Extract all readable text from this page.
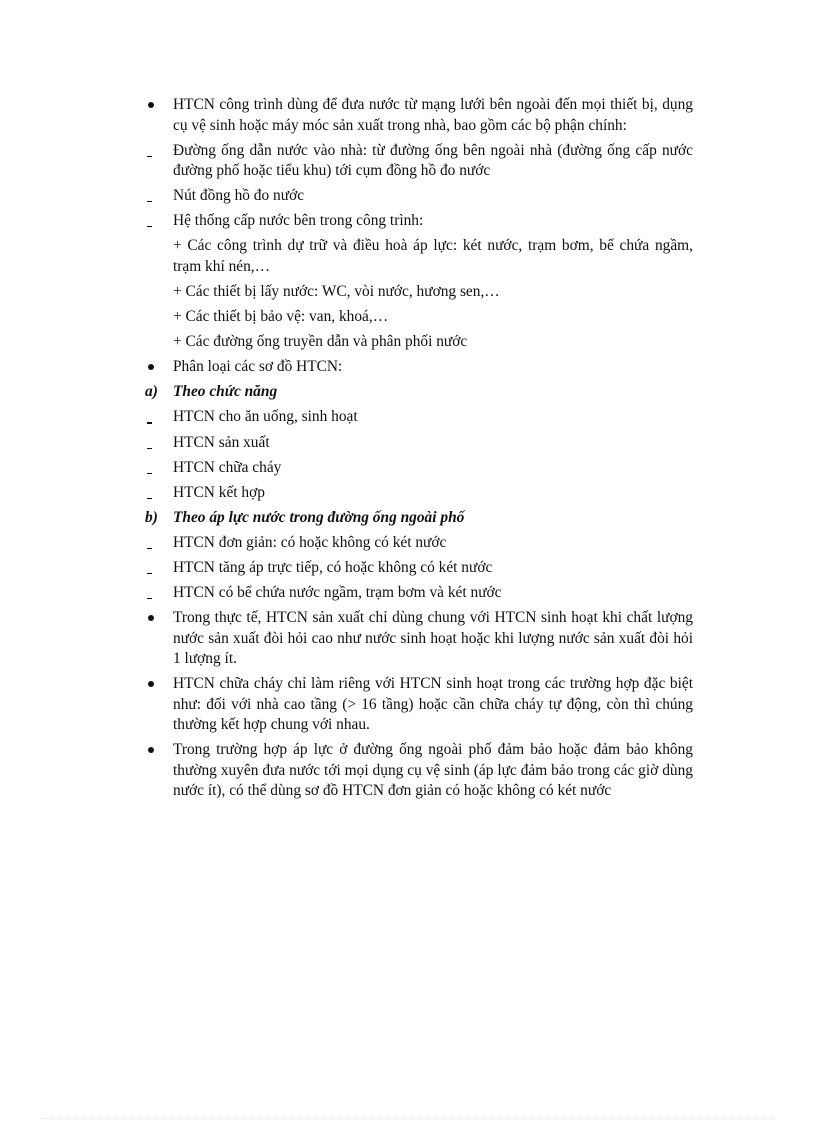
HTCN công trình dùng để đưa nước từ mạng lưới bên ngoài đến mọi thiết bị, dụng cụ vệ sinh hoặc máy móc sản xuất trong nhà, bao gồm các bộ phận chính:
Đường ống dẫn nước vào nhà: từ đường ống bên ngoài nhà (đường ống cấp nước đường phố hoặc tiểu khu) tới cụm đồng hồ đo nước
Nút đồng hồ đo nước
Hệ thống cấp nước bên trong công trình:
+ Các công trình dự trữ và điều hoà áp lực: két nước, trạm bơm, bể chứa ngầm, trạm khí nén,…
+ Các thiết bị lấy nước: WC, vòi nước, hương sen,…
+ Các thiết bị bảo vệ: van, khoá,…
+ Các đường ống truyền dẫn và phân phối nước
Phân loại các sơ đồ HTCN:
a) Theo chức năng
HTCN cho ăn uống, sinh hoạt
HTCN sản xuất
HTCN chữa cháy
HTCN kết hợp
b) Theo áp lực nước trong đường ống ngoài phố
HTCN đơn giản: có hoặc không có két nước
HTCN tăng áp trực tiếp, có hoặc không có két nước
HTCN có bể chứa nước ngầm, trạm bơm và két nước
Trong thực tế, HTCN sản xuất chỉ dùng chung với HTCN sinh hoạt khi chất lượng nước sản xuất đòi hỏi cao như nước sinh hoạt hoặc khi lượng nước sản xuất đòi hỏi 1 lượng ít.
HTCN chữa cháy chỉ làm riêng với HTCN sinh hoạt trong các trường hợp đặc biệt như: đối với nhà cao tầng (> 16 tầng) hoặc cần chữa cháy tự động, còn thì chúng thường kết hợp chung với nhau.
Trong trường hợp áp lực ở đường ống ngoài phố đảm bảo hoặc đảm bảo không thường xuyên đưa nước tới mọi dụng cụ vệ sinh (áp lực đảm bảo trong các giờ dùng nước ít), có thể dùng sơ đồ HTCN đơn giản có hoặc không có két nước
